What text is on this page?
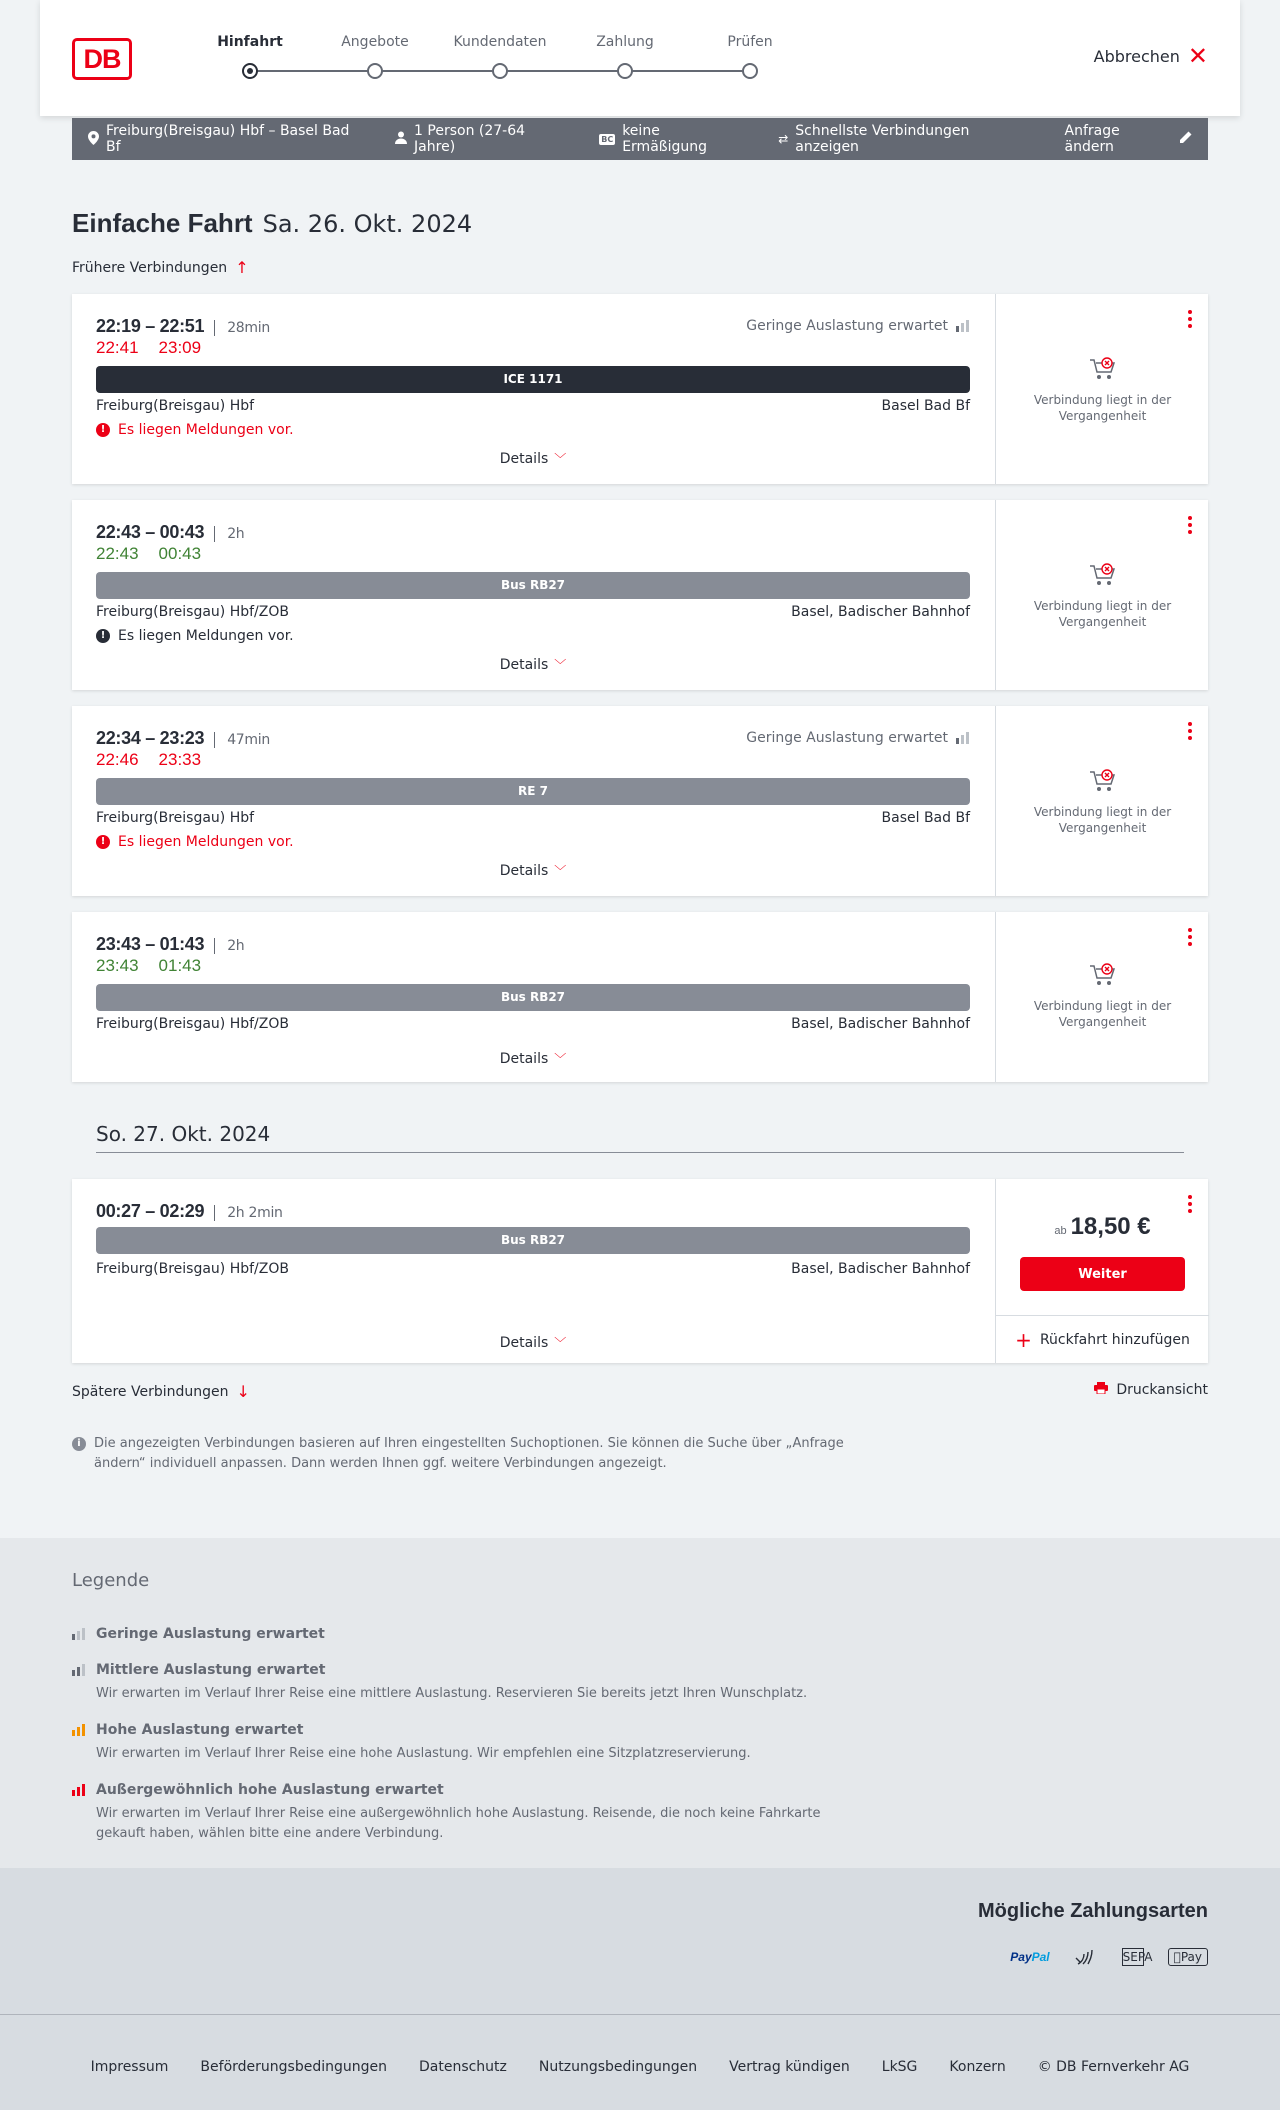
DB
Hinfahrt	Angebote	Kundendaten	Zahlung	Prüfen
Abbrechen ✕
Freiburg(Breisgau) Hbf – Basel Bad Bf
1 Person (27-64 Jahre)	BC keine Ermäßigung	⇄ Schnellste Verbindungen anzeigen
Anfrage ändern
Einfache Fahrt Sa. 26. Okt. 2024
Frühere Verbindungen ↑
22:19 – 22:51 28min
22:41 23:09
Geringe Auslastung erwartet
ICE 1171
Freiburg(Breisgau) Hbf	Basel Bad Bf
! Es liegen Meldungen vor.
Details ﹀
Verbindung liegt in der Vergangenheit
22:43 – 00:43 2h
22:43 00:43
Bus RB27
Freiburg(Breisgau) Hbf/ZOB	Basel, Badischer Bahnhof
! Es liegen Meldungen vor.
Details ﹀
Verbindung liegt in der Vergangenheit
22:34 – 23:23 47min
22:46 23:33
Geringe Auslastung erwartet
RE 7
Freiburg(Breisgau) Hbf	Basel Bad Bf
! Es liegen Meldungen vor.
Details ﹀
Verbindung liegt in der Vergangenheit
23:43 – 01:43 2h
23:43 01:43
Bus RB27
Freiburg(Breisgau) Hbf/ZOB	Basel, Badischer Bahnhof
Details ﹀
Verbindung liegt in der Vergangenheit
So. 27. Okt. 2024
00:27 – 02:29 2h 2min
Bus RB27
Freiburg(Breisgau) Hbf/ZOB	Basel, Badischer Bahnhof
Details ﹀
ab 18,50 €
Weiter
+ Rückfahrt hinzufügen
Spätere Verbindungen ↓	Druckansicht
i	Die angezeigten Verbindungen basieren auf Ihren eingestellten Suchoptionen. Sie können die Suche über „Anfrage ändern“ individuell anpassen. Dann werden Ihnen ggf. weitere Verbindungen angezeigt.
Legende
Geringe Auslastung erwartet
Mittlere Auslastung erwartet
Wir erwarten im Verlauf Ihrer Reise eine mittlere Auslastung. Reservieren Sie bereits jetzt Ihren Wunschplatz.
Hohe Auslastung erwartet
Wir erwarten im Verlauf Ihrer Reise eine hohe Auslastung. Wir empfehlen eine Sitzplatzreservierung.
Außergewöhnlich hohe Auslastung erwartet
Wir erwarten im Verlauf Ihrer Reise eine außergewöhnlich hohe Auslastung. Reisende, die noch keine Fahrkarte gekauft haben, wählen bitte eine andere Verbindung.
Mögliche Zahlungsarten
PayPal	SEPA	Pay
Impressum Beförderungsbedingungen Datenschutz Nutzungsbedingungen Vertrag kündigen LkSG Konzern © DB Fernverkehr AG
